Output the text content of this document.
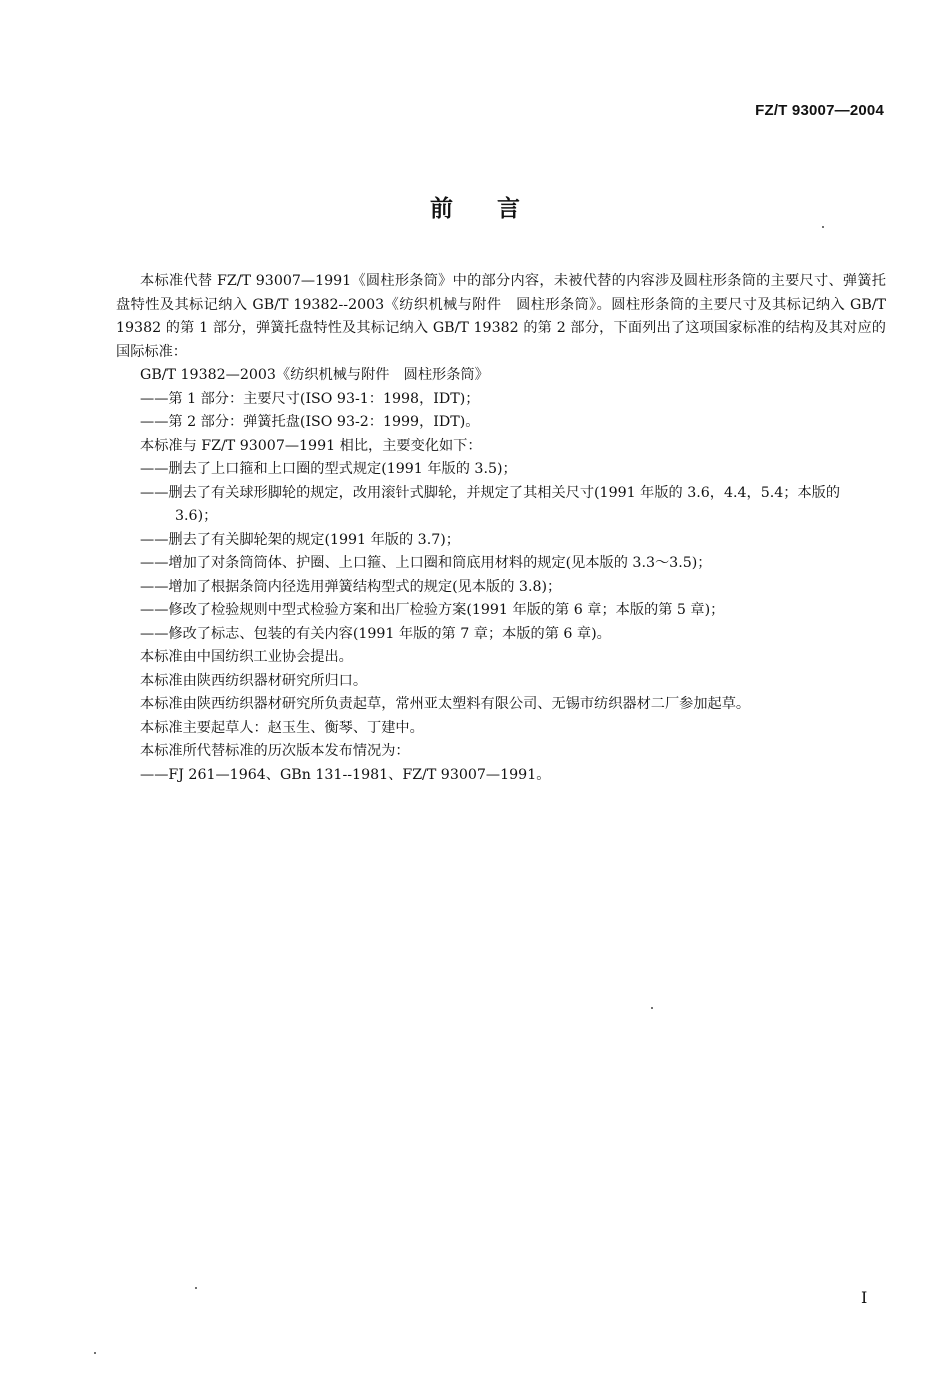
FZ/T 93007—2004
前言

本标准代替 FZ/T 93007—1991《圆柱形条筒》中的部分内容，未被代替的内容涉及圆柱形条筒的主要尺寸、弹簧托盘特性及其标记纳入 GB/T 19382--2003《纺织机械与附件　圆柱形条筒》。圆柱形条筒的主要尺寸及其标记纳入 GB/T 19382 的第 1 部分，弹簧托盘特性及其标记纳入 GB/T 19382 的第 2 部分，下面列出了这项国家标准的结构及其对应的国际标准：

GB/T 19382—2003《纺织机械与附件　圆柱形条筒》

——第 1 部分：主要尺寸(ISO 93-1：1998，IDT)；

——第 2 部分：弹簧托盘(ISO 93-2：1999，IDT)。

本标准与 FZ/T 93007—1991 相比，主要变化如下：

——删去了上口箍和上口圈的型式规定(1991 年版的 3.5)；

——删去了有关球形脚轮的规定，改用滚针式脚轮，并规定了其相关尺寸(1991 年版的 3.6，4.4，5.4；本版的 3.6)；

——删去了有关脚轮架的规定(1991 年版的 3.7)；

——增加了对条筒筒体、护圈、上口箍、上口圈和筒底用材料的规定(见本版的 3.3～3.5)；

——增加了根据条筒内径选用弹簧结构型式的规定(见本版的 3.8)；

——修改了检验规则中型式检验方案和出厂检验方案(1991 年版的第 6 章；本版的第 5 章)；

——修改了标志、包装的有关内容(1991 年版的第 7 章；本版的第 6 章)。

本标准由中国纺织工业协会提出。

本标准由陕西纺织器材研究所归口。

本标准由陕西纺织器材研究所负责起草，常州亚太塑料有限公司、无锡市纺织器材二厂参加起草。

本标准主要起草人：赵玉生、衡琴、丁建中。

本标准所代替标准的历次版本发布情况为：

——FJ 261—1964、GBn 131--1981、FZ/T 93007—1991。

I
